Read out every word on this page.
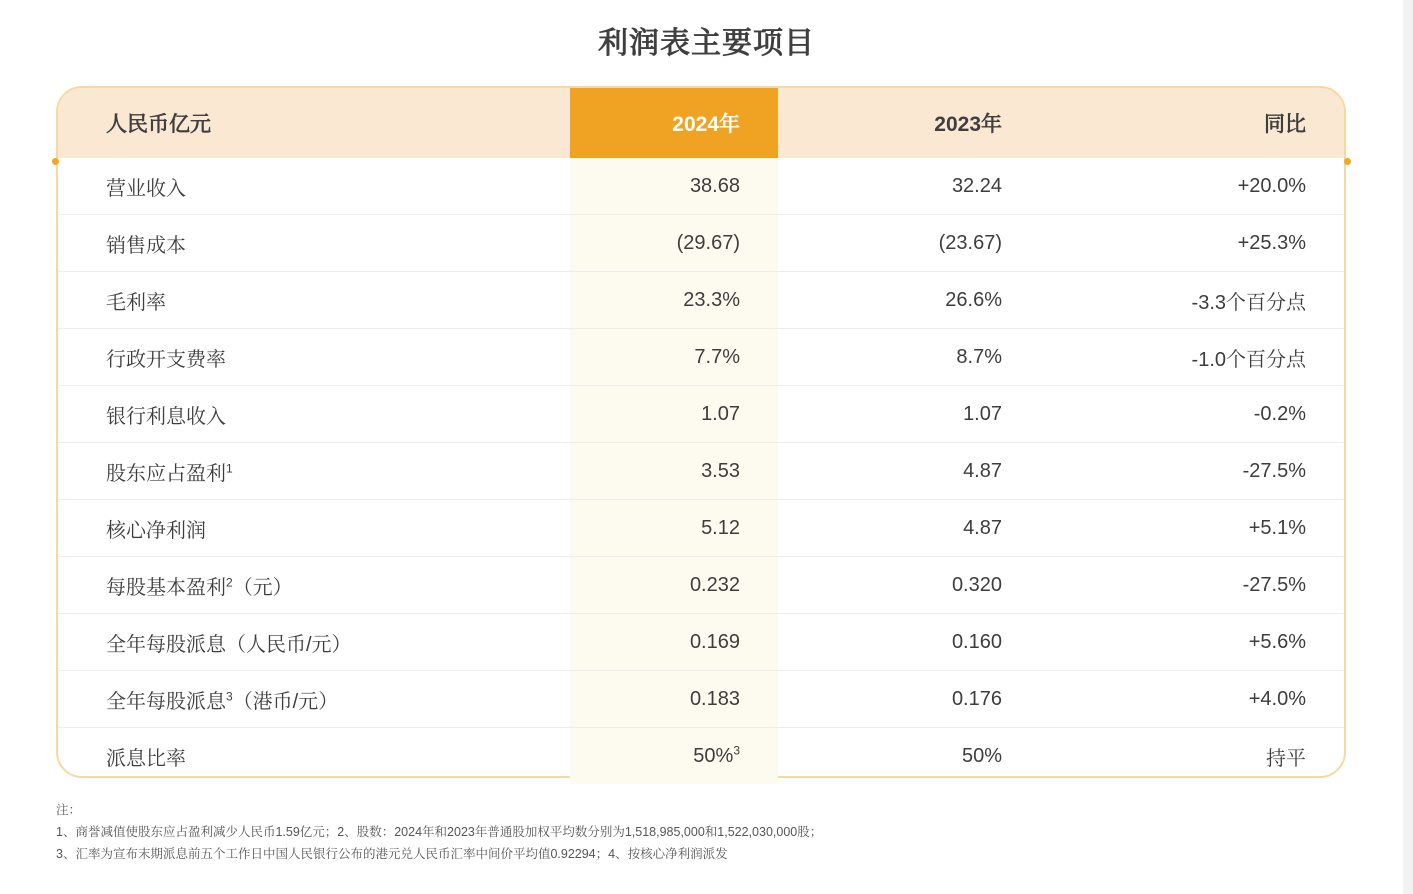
利润表主要项目
人民币亿元	2024年	2023年	同比
营业收入	38.68	32.24	+20.0%
销售成本	(29.67)	(23.67)	+25.3%
毛利率	23.3%	26.6%	-3.3个百分点
行政开支费率	7.7%	8.7%	-1.0个百分点
银行利息收入	1.07	1.07	-0.2%
股东应占盈利$^1$	3.53	4.87	-27.5%
核心净利润	5.12	4.87	+5.1%
每股基本盈利$^2$（元）	0.232	0.320	-27.5%
全年每股派息（人民币/元）	0.169	0.160	+5.6%
全年每股派息$^3$（港币/元）	0.183	0.176	+4.0%
派息比率	50%$^3$	50%	持平
注：
1、商誉减值使股东应占盈利减少人民币1.59亿元；2、股数：2024年和2023年普通股加权平均数分别为1,518,985,000和1,522,030,000股；
3、汇率为宣布末期派息前五个工作日中国人民银行公布的港元兑人民币汇率中间价平均值0.92294；4、按核心净利润派发
